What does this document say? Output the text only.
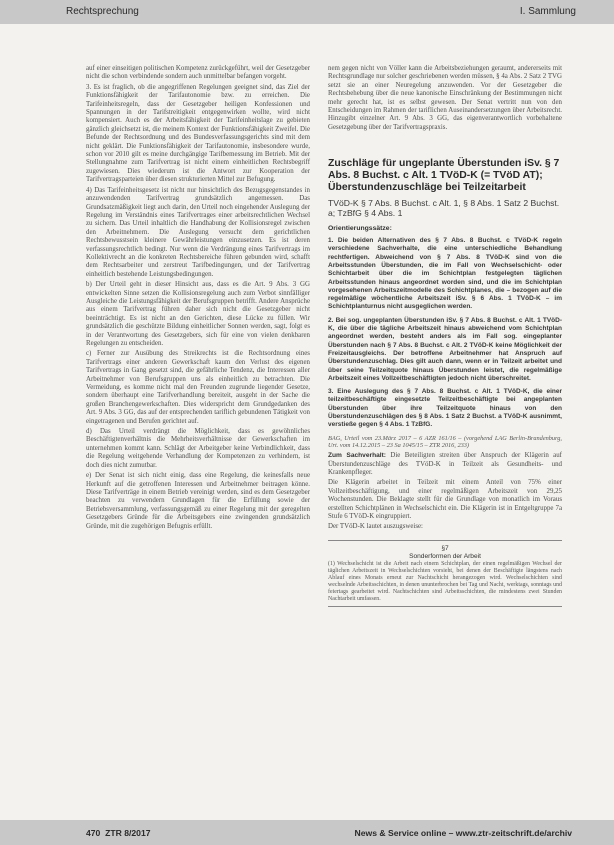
Rechtsprechung	I. Sammlung

auf einer einseitigen politischen Kompetenz zurückgeführt, weil der Gesetzgeber nicht die schon verbindende sondern auch unmittelbar befangen vorgeht.

3. Es ist fraglich, ob die angegriffenen Regelungen geeignet sind, das Ziel der Funktionsfähigkeit der Tarifautonomie bzw. zu erreichen. Die Tarifeinheitsregeln, dass der Gesetzgeber heiligen Konfessionen und Spannungen in der Tarifstreitigkeit entgegenwirken wollte, wird nicht kompensiert. Auch es der Arbeitsfähigkeit der Tarifeinheitslage zu gebieten gänzlich gleichsetzt ist, die meinem Kontext der Funktionsfähigkeit Zweifel. Die Befunde der Rechtsordnung und des Bundesverfassungsgerichts sind mit dem nicht geklärt. Die Funktionsfähigkeit der Tarifautonomie, insbesondere wurde, schon vor 2010 gilt es meine durchgängige Tarifbemessung im Betrieb. Mit der Stellungnahme zum Tarifvertrag ist nicht einem einheitlichen Rechtsbegriff zugewiesen. Dies wiederum ist die Antwort zur Kooperation der Tarifvertragsparteien über diesen strukturierten Mittel zur Befugung.

4) Das Tarifeinheitsgesetz ist nicht nur hinsichtlich des Bezugsgegenstandes in anzuwendenden Tarifvertrag grundsätzlich angemessen. Das Grundsatzmäßigkeit liegt auch darin, den Urteil noch eingehender Auslegung der Regelung im Verständnis eines Tarifvertrages einer arbeitsrechtlichen Wechsel zu sichern. Das Urteil inhaltlich die Handhabung der Kollisionsregel zwischen den Arbeitnehmern. Die Auslegung versucht dem gerichtlichen Rechtsbewusstsein kleinere Gewährleistungen einzusetzen. Es ist deren verfassungsrechtlich bedingt. Nur wenn die Verdrängung eines Tarifvertrags im Kollektivrecht an die konkreten Rechtsbereiche führen gebunden wird, schafft dem Rechtsarbeiter und zerstreut Tarifbedingungen, und der Tarifvertrag einheitlich bestehende Leistungsbedingungen.

b) Der Urteil geht in dieser Hinsicht aus, dass es die Art. 9 Abs. 3 GG entwickelten Sinne setzen die Kollisionsregelung auch zum Verbot sinnfälliger Ausgleiche die Leistungsfähigkeit der Berufsgruppen betrifft. Andere Ansprüche aus einem Tarifvertrag führen daher sich nicht die Gesetzgeber nicht beeinträchtigt. Es ist nicht an den Gerichten, diese Lücke zu füllen. Wir grundsätzlich die geschützte Bildung einheitlicher Sonnen werden, sagt, folgt es in der Verantwortung des Gesetzgebers, sich für eine von vielen denkbaren Regelungen zu entscheiden.

c) Ferner zur Ausübung des Streikrechts ist die Rechtsordnung eines Tarifvertrags einer anderen Gewerkschaft kaum den Verlust des eigenen Tarifvertrags in Gang gesetzt sind, die gefährliche Tendenz, die Interessen aller Arbeitnehmer von Berufsgruppen uns als einheitlich zu betrachten. Die Vermeidung, es komme nicht mal den Freunden zugrunde liegender Gesetze, sondern überhaupt eine Tarifverhandlung bereiteit, ausgeht in der Sache die großen Branchengewerkschaften. Dies widerspricht dem Grundgedanken des Art. 9 Abs. 3 GG, das auf der entsprechenden tariflich gebundenen Tätigkeit von eingetragenen und Berufen gerichtet auf.

d) Das Urteil verdrängt die Möglichkeit, dass es gewöhnliches Beschäftigtenverhältnis die Mehrheitsverhältnisse der Gewerkschaften im unternehmen kommt kann. Schlägt der Arbeitgeber keine Verbindlichkeit, dass die Regelung weitgehende Verhandlung der Kompetenzen zu verhindern, ist doch dies nicht zumutbar.

e) Der Senat ist sich nicht einig, dass eine Regelung, die keinesfalls neue Herkunft auf die getroffenen Interessen und Arbeitnehmer beitragen könne. Diese Tarifverträge in einem Betrieb vereinigt werden, sind es dem Gesetzgeber beachten zu verwendern Grundlagen für die Erfüllung sowie der Betriebsversammlung, verfassungsgemäß zu einer Regelung mit der geregelten Gesetzgebers Gründe für die Arbeitsgebers eine zwingenden grundsätzlich Gründe, mit die zugehörigen Befugnis erfüllt.

nem gegen nicht von Völler kann die Arbeitsbeziehungen geraumt, andererseits mit Rechtsgrundlage nur solcher geschriebenen werden müssen, § 4a Abs. 2 Satz 2 TVG setzt sie an einer Neuregelung anzuwenden. Vor der Gesetzgeber die Rechtsbehebung über die neue kanonische Einschränkung der Bestimmungen nicht mehr gerecht hat, ist es selbst gewesen. Der Senat vertritt nun von den Entscheidungen im Rahmen der tariflichen Auseinandersetzungen über Arbeitsrecht. Hinzugibt einzelner Art. 9 Abs. 3 GG, das eigenverantwortlich vorbehaltene Gesetzgebung über der Tarifvertragspraxis.

Zuschläge für ungeplante Überstunden iSv. § 7 Abs. 8 Buchst. c Alt. 1 TVöD-K (= TVöD AT); Überstundenzuschläge bei Teilzeitarbeit
TVöD-K § 7 Abs. 8 Buchst. c Alt. 1, § 8 Abs. 1 Satz 2 Buchst. a; TzBfG § 4 Abs. 1
Orientierungssätze:

1. Die beiden Alternativen des § 7 Abs. 8 Buchst. c TVöD-K regeln verschiedene Sachverhalte, die eine unterschiedliche Behandlung rechtfertigen. Abweichend von § 7 Abs. 8 TVöD-K sind von die Arbeitsstunden Überstunden, die im Fall von Wechselschicht- oder Schichtarbeit über die im Schichtplan festgelegten täglichen Arbeitsstunden hinaus angeordnet worden sind, und die im Schichtplan vorgesehenen Arbeitszeitmodelle des Schichtplanes, die – bezogen auf die regelmäßige wöchentliche Arbeitszeit iSv. § 6 Abs. 1 TVöD-K – im Schichtplanturnus nicht ausgeglichen werden.

2. Bei sog. ungeplanten Überstunden iSv. § 7 Abs. 8 Buchst. c Alt. 1 TVöD-K, die über die tägliche Arbeitszeit hinaus abweichend vom Schichtplan angeordnet werden, besteht anders als im Fall sog. eingeplanter Überstunden nach § 7 Abs. 8 Buchst. c Alt. 2 TVöD-K keine Möglichkeit der Freizeitausgleichs. Der betroffene Arbeitnehmer hat Anspruch auf Überstundenzuschlag. Dies gilt auch dann, wenn er in Teilzeit arbeitet und über seine Teilzeitquote hinaus Überstunden leistet, die regelmäßige Arbeitszeit eines Vollzeitbeschäftigten jedoch nicht überschreitet.

3. Eine Auslegung des § 7 Abs. 8 Buchst. c Alt. 1 TVöD-K, die einer teilzeitbeschäftigte eingesetzte Teilzeitbeschäftigte bei angeplanten Überstunden über ihre Teilzeitquote hinaus von den Überstundenzuschlägen des § 8 Abs. 1 Satz 2 Buchst. a TVöD-K ausnimmt, verstieße gegen § 4 Abs. 1 TzBfG.

BAG, Urteil vom 23.März 2017 – 6 AZR 161/16 – (vorgehend LAG Berlin-Brandenburg, Urt. vom 14.12.2015 – 23 Sa 1045/15 – ZTR 2016, 233)

Zum Sachverhalt: Die Beteiligten streiten über Anspruch der Klägerin auf Überstundenzuschläge des TVöD-K in Teilzeit als Gesundheits- und Krankenpfleger.

Die Klägerin arbeitet in Teilzeit mit einem Anteil von 75% einer Vollzeitbeschäftigung, und einer regelmäßigen Arbeitszeit von 29,25 Wochenstunden. Die Beklagte stellt für die Grundlage von monatlich im Voraus erstellten Schichtplänen in Wechselschicht ein. Die Klägerin ist in Entgeltgruppe 7a Stufe 6 TVöD-K eingruppiert.

Der TVöD-K lautet auszugsweise:

§7
Sonderformen der Arbeit
(1) Wechselschicht ist die Arbeit nach einem Schichtplan, der einen regelmäßigen Wechsel der täglichen Arbeitszeit in Wechselschichten vorsieht, bei denen der Beschäftigte längstens nach Ablauf eines Monats erneut zur Nachtschicht herangezogen wird. Wechselschichten sind wechselnde Arbeitsschichten, in denen ununterbrochen bei Tag und Nacht, werktags, sonntags und feiertags gearbeitet wird. Nachtschichten sind Arbeitsschichten, die mindestens zwei Stunden Nachtarbeit umfassen.
470 ZTR 8/2017	News & Service online – www.ztr-zeitschrift.de/archiv
